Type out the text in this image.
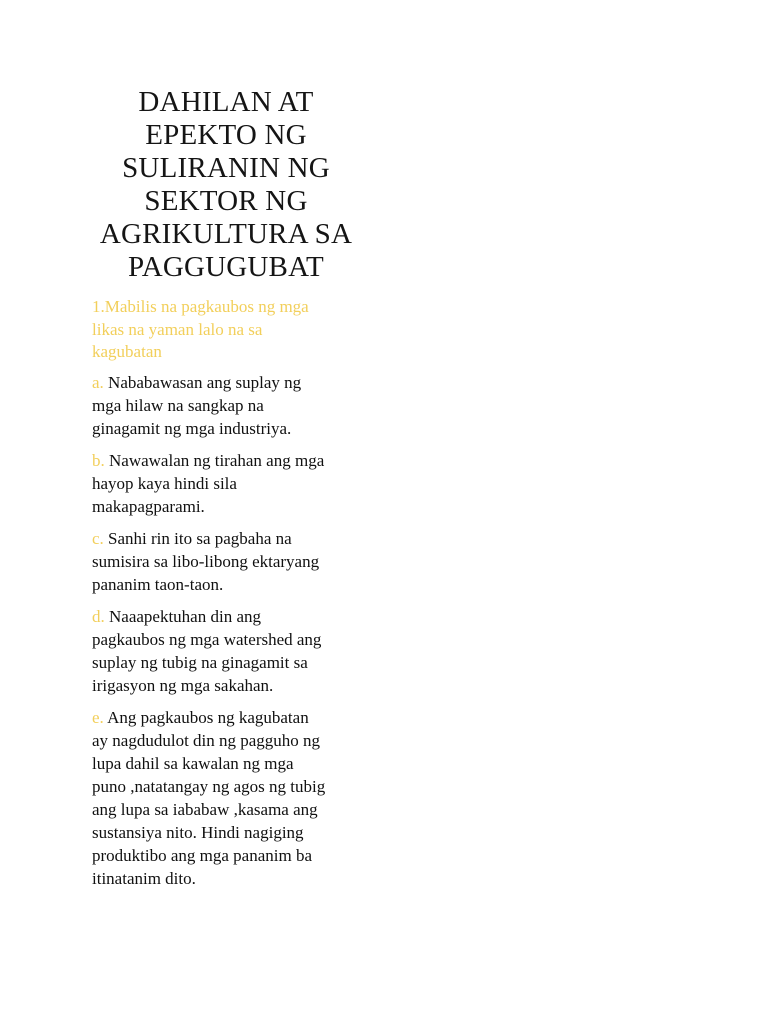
DAHILAN AT
EPEKTO NG
SULIRANIN NG
SEKTOR NG
AGRIKULTURA SA
PAGGUGUBAT
1.Mabilis na pagkaubos ng mga
likas na yaman lalo na sa
kagubatan
a. Nababawasan ang suplay ng
mga hilaw na sangkap na
ginagamit ng mga industriya.
b. Nawawalan ng tirahan ang mga
hayop kaya hindi sila
makapagparami.
c. Sanhi rin ito sa pagbaha na
sumisira sa libo-libong ektaryang
pananim taon-taon.
d. Naaapektuhan din ang
pagkaubos ng mga watershed ang
suplay ng tubig na ginagamit sa
irigasyon ng mga sakahan.
e. Ang pagkaubos ng kagubatan
ay nagdudulot din ng pagguho ng
lupa dahil sa kawalan ng mga
puno ,natatangay ng agos ng tubig
ang lupa sa iababaw ,kasama ang
sustansiya nito. Hindi nagiging
produktibo ang mga pananim ba
itinatanim dito.
